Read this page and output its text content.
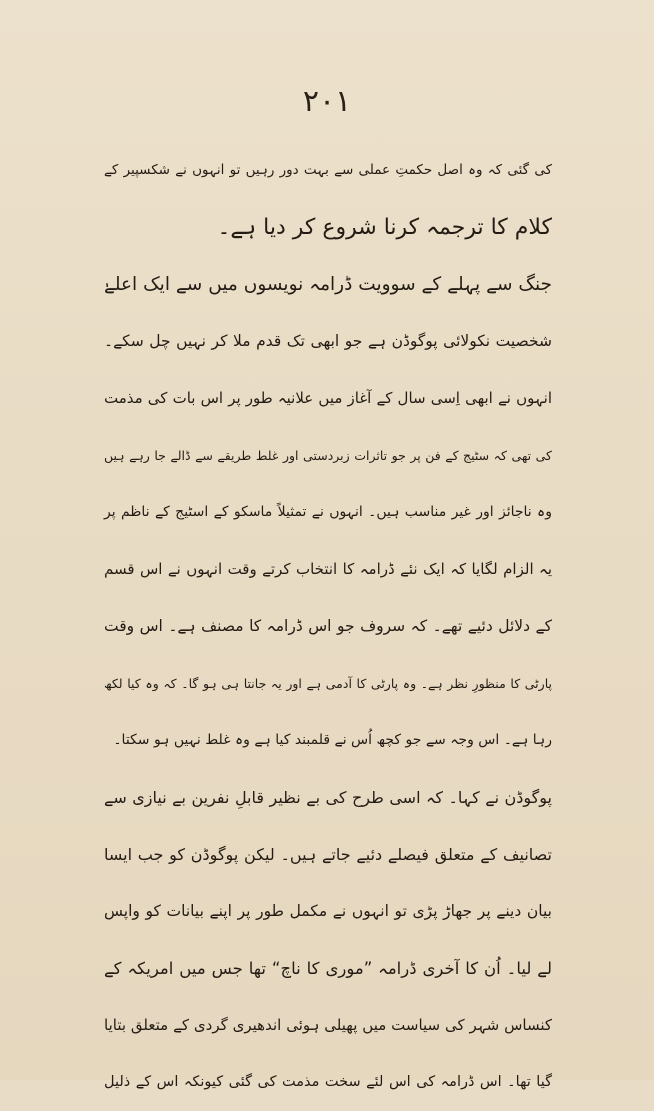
۲۰۱
کی گئی کہ وہ اصل حکمتِ عملی سے بہت دور رہیں تو انہوں نے شکسپیر کے
کلام کا ترجمہ کرنا شروع کر دیا ہے۔
جنگ سے پہلے کے سوویت ڈرامہ نویسوں میں سے ایک اعلےٰ
شخصیت نکولائی پوگوڈن ہے جو ابھی تک قدم ملا کر نہیں چل سکے۔
انہوں نے ابھی اِسی سال کے آغاز میں علانیہ طور پر اس بات کی مذمت
کی تھی کہ سٹیج کے فن پر جو تاثرات زبردستی اور غلط طریقے سے ڈالے جا رہے ہیں
وہ ناجائز اور غیر مناسب ہیں۔ انہوں نے تمثیلاً ماسکو کے اسٹیج کے ناظم پر
یہ الزام لگایا کہ ایک نئے ڈرامہ کا انتخاب کرتے وقت انہوں نے اس قسم
کے دلائل دئیے تھے۔ کہ سروف جو اس ڈرامہ کا مصنف ہے۔ اس وقت
پارٹی کا منظورِ نظر ہے۔ وہ پارٹی کا آدمی ہے اور یہ جانتا ہی ہو گا۔ کہ وہ کیا لکھ
رہا ہے۔ اس وجہ سے جو کچھ اُس نے قلمبند کیا ہے وہ غلط نہیں ہو سکتا۔
پوگوڈن نے کہا۔ کہ اسی طرح کی بے نظیر قابلِ نفرین بے نیازی سے
تصانیف کے متعلق فیصلے دئیے جاتے ہیں۔ لیکن پوگوڈن کو جب ایسا
بیان دینے پر جھاڑ پڑی تو انہوں نے مکمل طور پر اپنے بیانات کو واپس
لے لیا۔ اُن کا آخری ڈرامہ ”موری کا ناچ“ تھا جس میں امریکہ کے
کنساس شہر کی سیاست میں پھیلی ہوئی اندھیری گردی کے متعلق بتایا
گیا تھا۔ اس ڈرامہ کی اس لئے سخت مذمت کی گئی کیونکہ اس کے ذلیل
